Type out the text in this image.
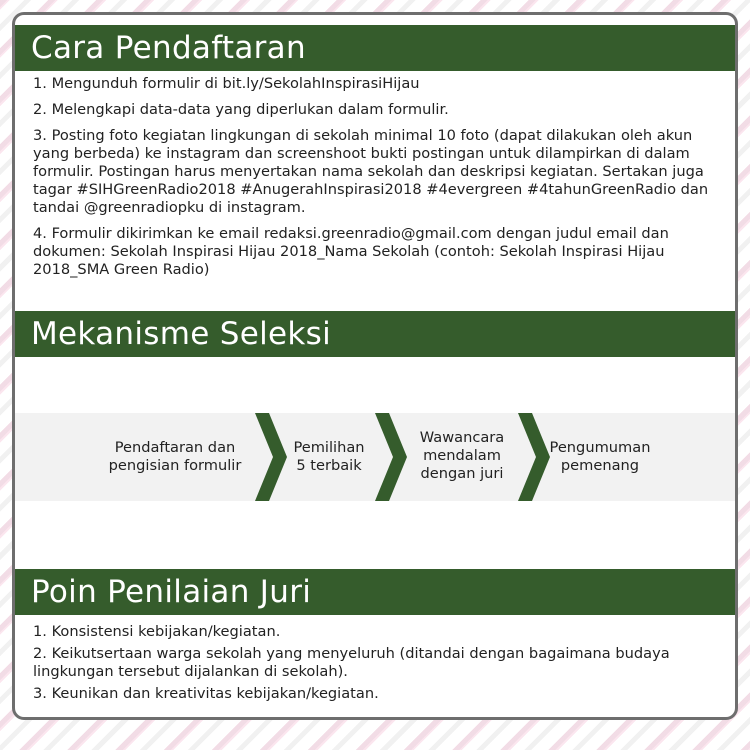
Cara Pendaftaran
1. Mengunduh formulir di bit.ly/SekolahInspirasiHijau
2. Melengkapi data-data yang diperlukan dalam formulir.
3. Posting foto kegiatan lingkungan di sekolah minimal 10 foto (dapat dilakukan oleh akun yang berbeda) ke instagram dan screenshoot bukti postingan untuk dilampirkan di dalam formulir. Postingan harus menyertakan nama sekolah dan deskripsi kegiatan. Sertakan juga tagar #SIHGreenRadio2018 #AnugerahInspirasi2018 #4evergreen #4tahunGreenRadio dan tandai @greenradiopku di instagram.
4. Formulir dikirimkan ke email redaksi.greenradio@gmail.com dengan judul email dan dokumen: Sekolah Inspirasi Hijau 2018_Nama Sekolah (contoh: Sekolah Inspirasi Hijau 2018_SMA Green Radio)
Mekanisme Seleksi
Pendaftaran dan pengisian formulir
Pemilihan 5 terbaik
Wawancara mendalam dengan juri
Pengumuman pemenang
Poin Penilaian Juri
1. Konsistensi kebijakan/kegiatan.
2. Keikutsertaan warga sekolah yang menyeluruh (ditandai dengan bagaimana budaya lingkungan tersebut dijalankan di sekolah).
3. Keunikan dan kreativitas kebijakan/kegiatan.
